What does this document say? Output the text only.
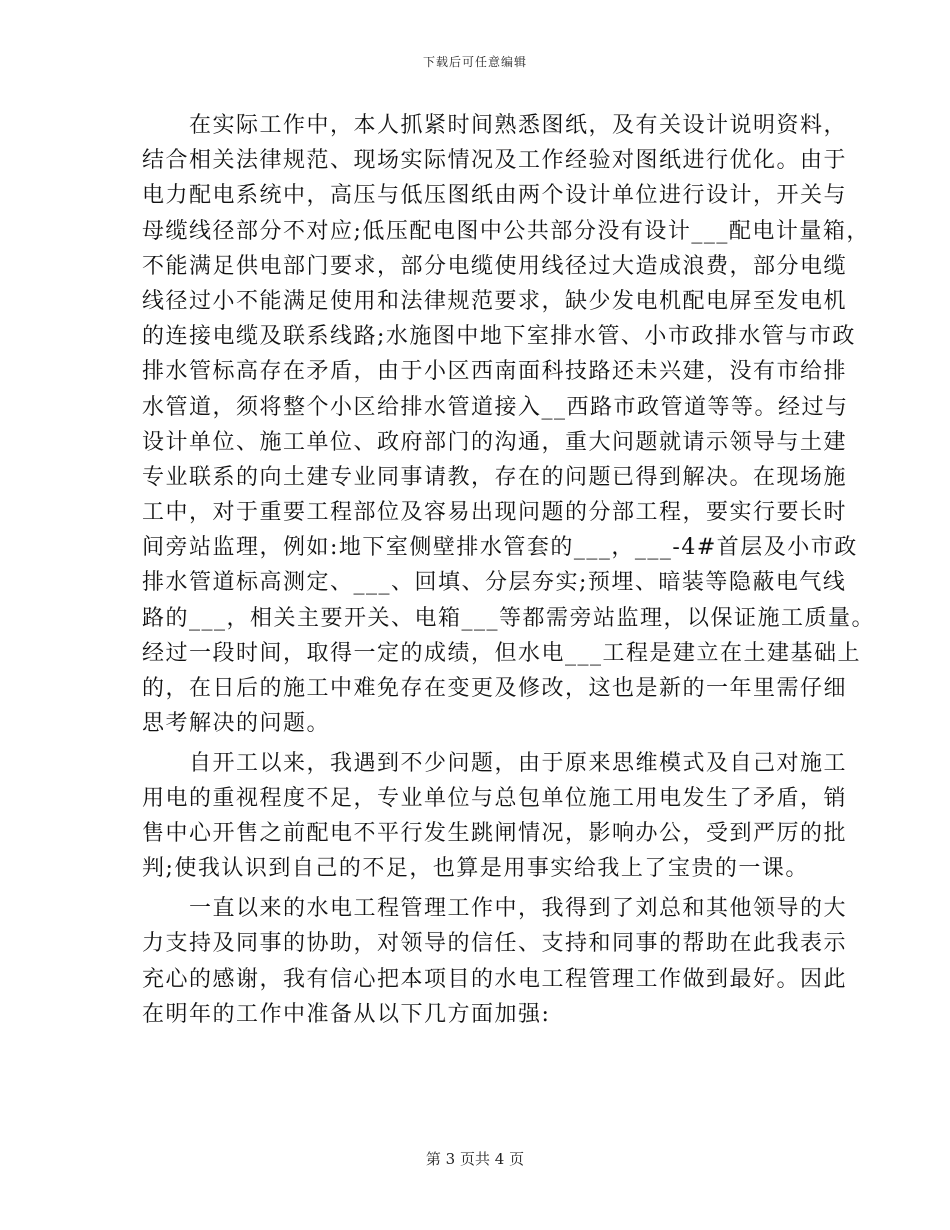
下载后可任意编辑
　　在实际工作中，本人抓紧时间熟悉图纸，及有关设计说明资料，
结合相关法律规范、现场实际情况及工作经验对图纸进行优化。由于
电力配电系统中，高压与低压图纸由两个设计单位进行设计，开关与
母缆线径部分不对应;低压配电图中公共部分没有设计___配电计量箱，
不能满足供电部门要求，部分电缆使用线径过大造成浪费，部分电缆
线径过小不能满足使用和法律规范要求，缺少发电机配电屏至发电机
的连接电缆及联系线路;水施图中地下室排水管、小市政排水管与市政
排水管标高存在矛盾，由于小区西南面科技路还未兴建，没有市给排
水管道，须将整个小区给排水管道接入__西路市政管道等等。经过与
设计单位、施工单位、政府部门的沟通，重大问题就请示领导与土建
专业联系的向土建专业同事请教，存在的问题已得到解决。在现场施
工中，对于重要工程部位及容易出现问题的分部工程，要实行要长时
间旁站监理，例如:地下室侧壁排水管套的___，___-4#首层及小市政
排水管道标高测定、___、回填、分层夯实;预埋、暗装等隐蔽电气线
路的___，相关主要开关、电箱___等都需旁站监理，以保证施工质量。
经过一段时间，取得一定的成绩，但水电___工程是建立在土建基础上
的，在日后的施工中难免存在变更及修改，这也是新的一年里需仔细
思考解决的问题。
　　自开工以来，我遇到不少问题，由于原来思维模式及自己对施工
用电的重视程度不足，专业单位与总包单位施工用电发生了矛盾，销
售中心开售之前配电不平行发生跳闸情况，影响办公，受到严厉的批
判;使我认识到自己的不足，也算是用事实给我上了宝贵的一课。
　　一直以来的水电工程管理工作中，我得到了刘总和其他领导的大
力支持及同事的协助，对领导的信任、支持和同事的帮助在此我表示
充心的感谢，我有信心把本项目的水电工程管理工作做到最好。因此
在明年的工作中准备从以下几方面加强:
第 3 页共 4 页
